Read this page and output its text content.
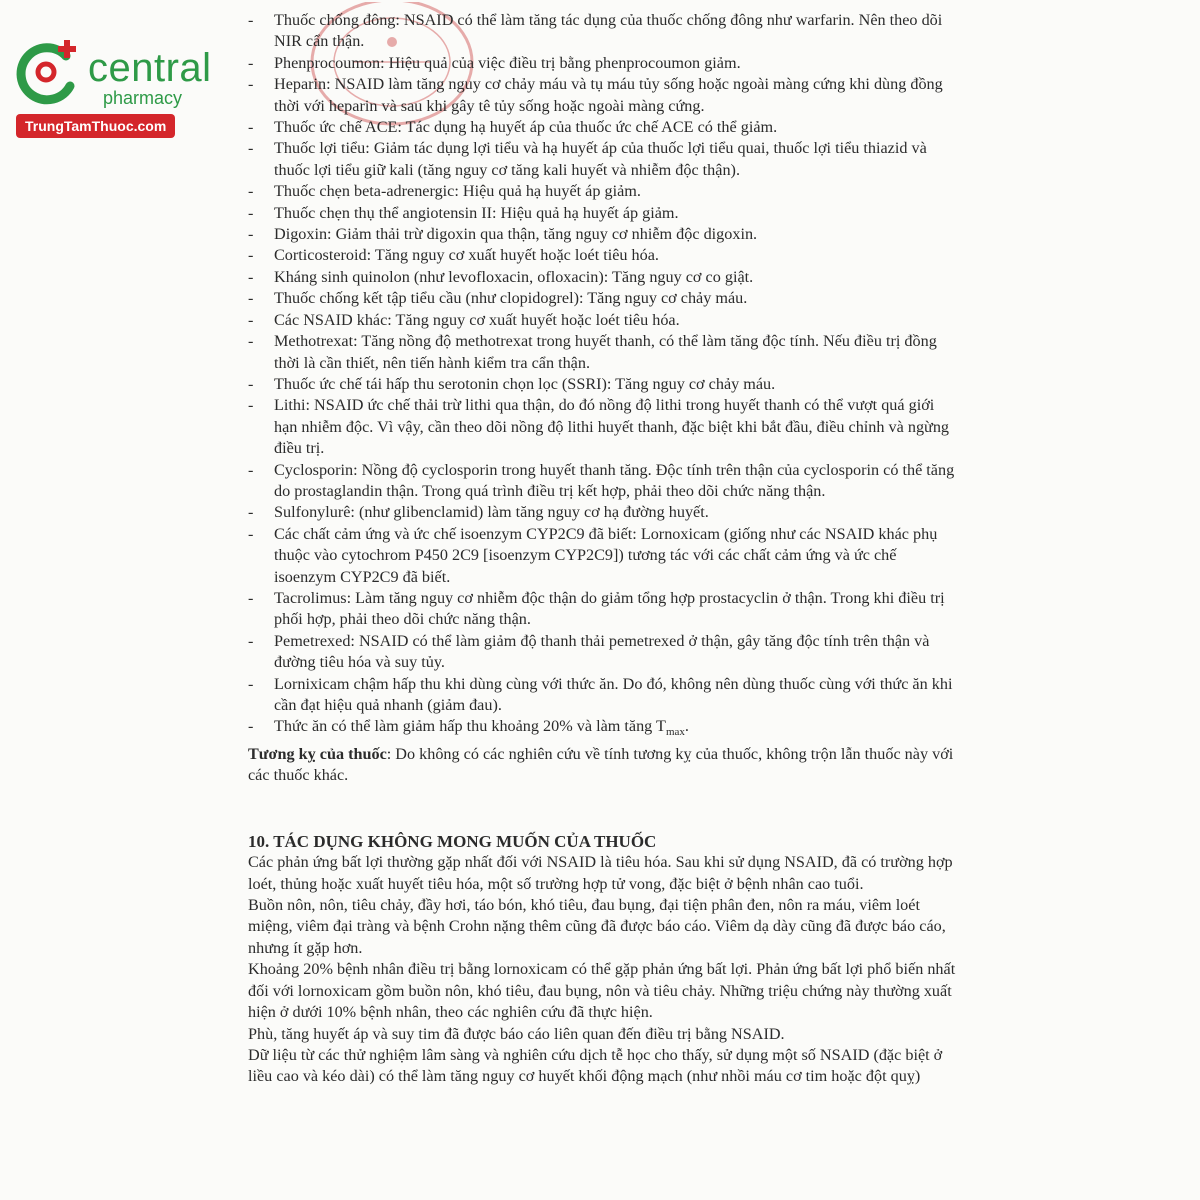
central
pharmacy
TrungTamThuoc.com
- Thuốc chống đông: NSAID có thể làm tăng tác dụng của thuốc chống đông như warfarin. Nên theo dõi NIR cẩn thận.
- Phenprocoumon: Hiệu quả của việc điều trị bằng phenprocoumon giảm.
- Heparin: NSAID làm tăng nguy cơ chảy máu và tụ máu tủy sống hoặc ngoài màng cứng khi dùng đồng thời với heparin và sau khi gây tê tủy sống hoặc ngoài màng cứng.
- Thuốc ức chế ACE: Tác dụng hạ huyết áp của thuốc ức chế ACE có thể giảm.
- Thuốc lợi tiểu: Giảm tác dụng lợi tiểu và hạ huyết áp của thuốc lợi tiểu quai, thuốc lợi tiểu thiazid và thuốc lợi tiểu giữ kali (tăng nguy cơ tăng kali huyết và nhiễm độc thận).
- Thuốc chẹn beta-adrenergic: Hiệu quả hạ huyết áp giảm.
- Thuốc chẹn thụ thể angiotensin II: Hiệu quả hạ huyết áp giảm.
- Digoxin: Giảm thải trừ digoxin qua thận, tăng nguy cơ nhiễm độc digoxin.
- Corticosteroid: Tăng nguy cơ xuất huyết hoặc loét tiêu hóa.
- Kháng sinh quinolon (như levofloxacin, ofloxacin): Tăng nguy cơ co giật.
- Thuốc chống kết tập tiểu cầu (như clopidogrel): Tăng nguy cơ chảy máu.
- Các NSAID khác: Tăng nguy cơ xuất huyết hoặc loét tiêu hóa.
- Methotrexat: Tăng nồng độ methotrexat trong huyết thanh, có thể làm tăng độc tính. Nếu điều trị đồng thời là cần thiết, nên tiến hành kiểm tra cẩn thận.
- Thuốc ức chế tái hấp thu serotonin chọn lọc (SSRI): Tăng nguy cơ chảy máu.
- Lithi: NSAID ức chế thải trừ lithi qua thận, do đó nồng độ lithi trong huyết thanh có thể vượt quá giới hạn nhiễm độc. Vì vậy, cần theo dõi nồng độ lithi huyết thanh, đặc biệt khi bắt đầu, điều chỉnh và ngừng điều trị.
- Cyclosporin: Nồng độ cyclosporin trong huyết thanh tăng. Độc tính trên thận của cyclosporin có thể tăng do prostaglandin thận. Trong quá trình điều trị kết hợp, phải theo dõi chức năng thận.
- Sulfonylurê: (như glibenclamid) làm tăng nguy cơ hạ đường huyết.
- Các chất cảm ứng và ức chế isoenzym CYP2C9 đã biết: Lornoxicam (giống như các NSAID khác phụ thuộc vào cytochrom P450 2C9 [isoenzym CYP2C9]) tương tác với các chất cảm ứng và ức chế isoenzym CYP2C9 đã biết.
- Tacrolimus: Làm tăng nguy cơ nhiễm độc thận do giảm tổng hợp prostacyclin ở thận. Trong khi điều trị phối hợp, phải theo dõi chức năng thận.
- Pemetrexed: NSAID có thể làm giảm độ thanh thải pemetrexed ở thận, gây tăng độc tính trên thận và đường tiêu hóa và suy tủy.
- Lornixicam chậm hấp thu khi dùng cùng với thức ăn. Do đó, không nên dùng thuốc cùng với thức ăn khi cần đạt hiệu quả nhanh (giảm đau).
- Thức ăn có thể làm giảm hấp thu khoảng 20% và làm tăng $T_{max}$.
Tương kỵ của thuốc: Do không có các nghiên cứu về tính tương kỵ của thuốc, không trộn lẫn thuốc này với các thuốc khác.
10. TÁC DỤNG KHÔNG MONG MUỐN CỦA THUỐC
Các phản ứng bất lợi thường gặp nhất đối với NSAID là tiêu hóa. Sau khi sử dụng NSAID, đã có trường hợp loét, thủng hoặc xuất huyết tiêu hóa, một số trường hợp tử vong, đặc biệt ở bệnh nhân cao tuổi.
Buồn nôn, nôn, tiêu chảy, đầy hơi, táo bón, khó tiêu, đau bụng, đại tiện phân đen, nôn ra máu, viêm loét miệng, viêm đại tràng và bệnh Crohn nặng thêm cũng đã được báo cáo. Viêm dạ dày cũng đã được báo cáo, nhưng ít gặp hơn.
Khoảng 20% bệnh nhân điều trị bằng lornoxicam có thể gặp phản ứng bất lợi. Phản ứng bất lợi phổ biến nhất đối với lornoxicam gồm buồn nôn, khó tiêu, đau bụng, nôn và tiêu chảy. Những triệu chứng này thường xuất hiện ở dưới 10% bệnh nhân, theo các nghiên cứu đã thực hiện.
Phù, tăng huyết áp và suy tim đã được báo cáo liên quan đến điều trị bằng NSAID.
Dữ liệu từ các thử nghiệm lâm sàng và nghiên cứu dịch tễ học cho thấy, sử dụng một số NSAID (đặc biệt ở liều cao và kéo dài) có thể làm tăng nguy cơ huyết khối động mạch (như nhồi máu cơ tim hoặc đột quỵ)
